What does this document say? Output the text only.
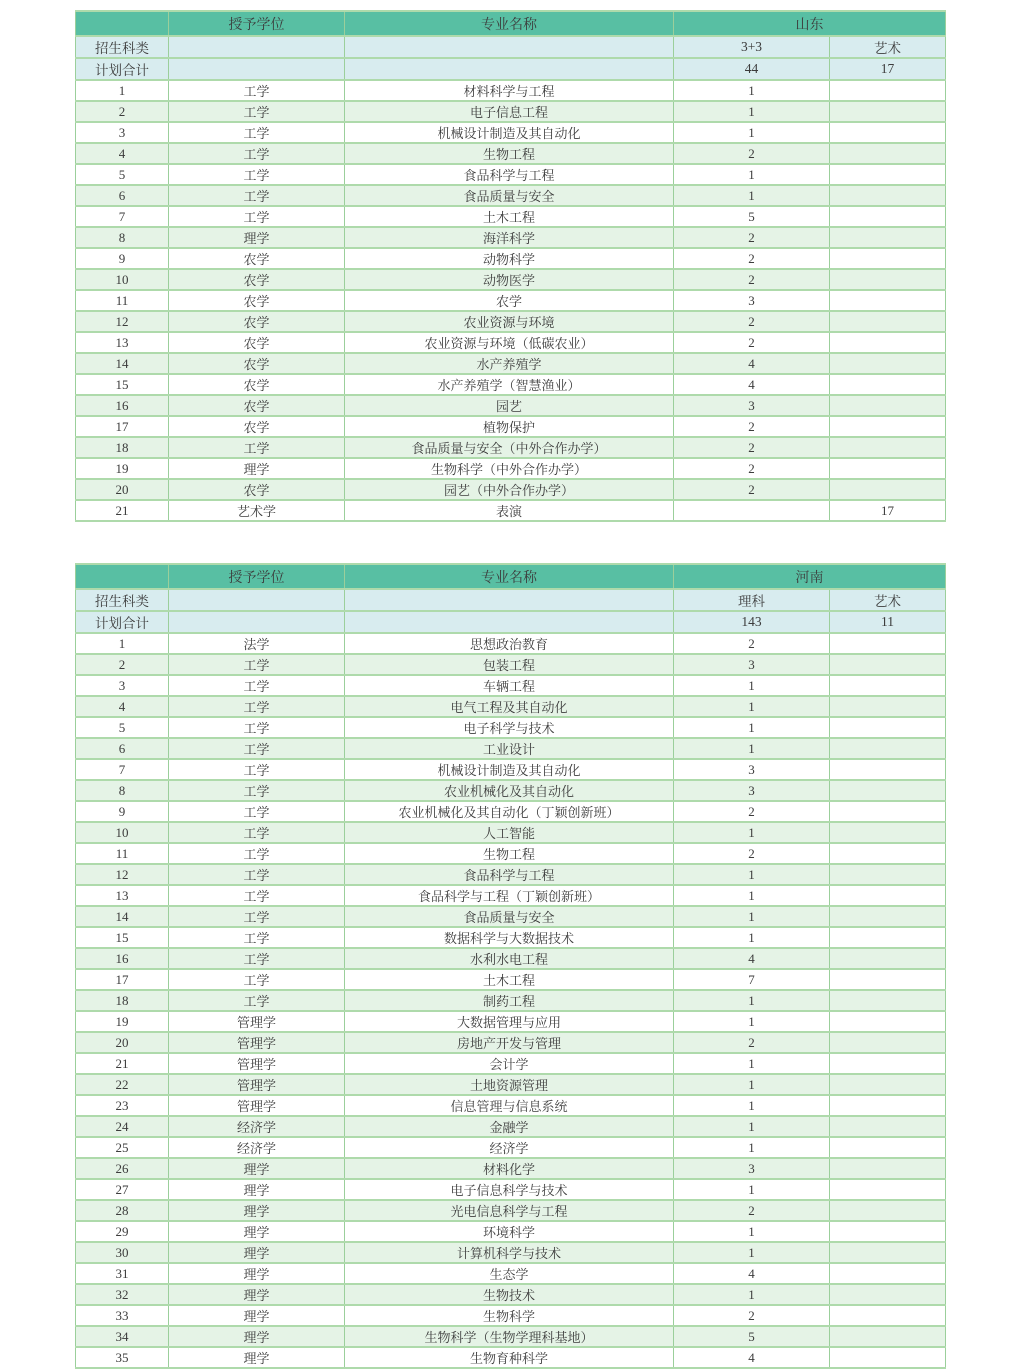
	授予学位	专业名称	山东	
招生科类			3+3	艺术
计划合计			44	17
1	工学	材料科学与工程	1	
2	工学	电子信息工程	1	
3	工学	机械设计制造及其自动化	1	
4	工学	生物工程	2	
5	工学	食品科学与工程	1	
6	工学	食品质量与安全	1	
7	工学	土木工程	5	
8	理学	海洋科学	2	
9	农学	动物科学	2	
10	农学	动物医学	2	
11	农学	农学	3	
12	农学	农业资源与环境	2	
13	农学	农业资源与环境（低碳农业）	2	
14	农学	水产养殖学	4	
15	农学	水产养殖学（智慧渔业）	4	
16	农学	园艺	3	
17	农学	植物保护	2	
18	工学	食品质量与安全（中外合作办学）	2	
19	理学	生物科学（中外合作办学）	2	
20	农学	园艺（中外合作办学）	2	
21	艺术学	表演		17
	授予学位	专业名称	河南	
招生科类			理科	艺术
计划合计			143	11
1	法学	思想政治教育	2	
2	工学	包装工程	3	
3	工学	车辆工程	1	
4	工学	电气工程及其自动化	1	
5	工学	电子科学与技术	1	
6	工学	工业设计	1	
7	工学	机械设计制造及其自动化	3	
8	工学	农业机械化及其自动化	3	
9	工学	农业机械化及其自动化（丁颖创新班）	2	
10	工学	人工智能	1	
11	工学	生物工程	2	
12	工学	食品科学与工程	1	
13	工学	食品科学与工程（丁颖创新班）	1	
14	工学	食品质量与安全	1	
15	工学	数据科学与大数据技术	1	
16	工学	水利水电工程	4	
17	工学	土木工程	7	
18	工学	制药工程	1	
19	管理学	大数据管理与应用	1	
20	管理学	房地产开发与管理	2	
21	管理学	会计学	1	
22	管理学	土地资源管理	1	
23	管理学	信息管理与信息系统	1	
24	经济学	金融学	1	
25	经济学	经济学	1	
26	理学	材料化学	3	
27	理学	电子信息科学与技术	1	
28	理学	光电信息科学与工程	2	
29	理学	环境科学	1	
30	理学	计算机科学与技术	1	
31	理学	生态学	4	
32	理学	生物技术	1	
33	理学	生物科学	2	
34	理学	生物科学（生物学理科基地）	5	
35	理学	生物育种科学	4	
